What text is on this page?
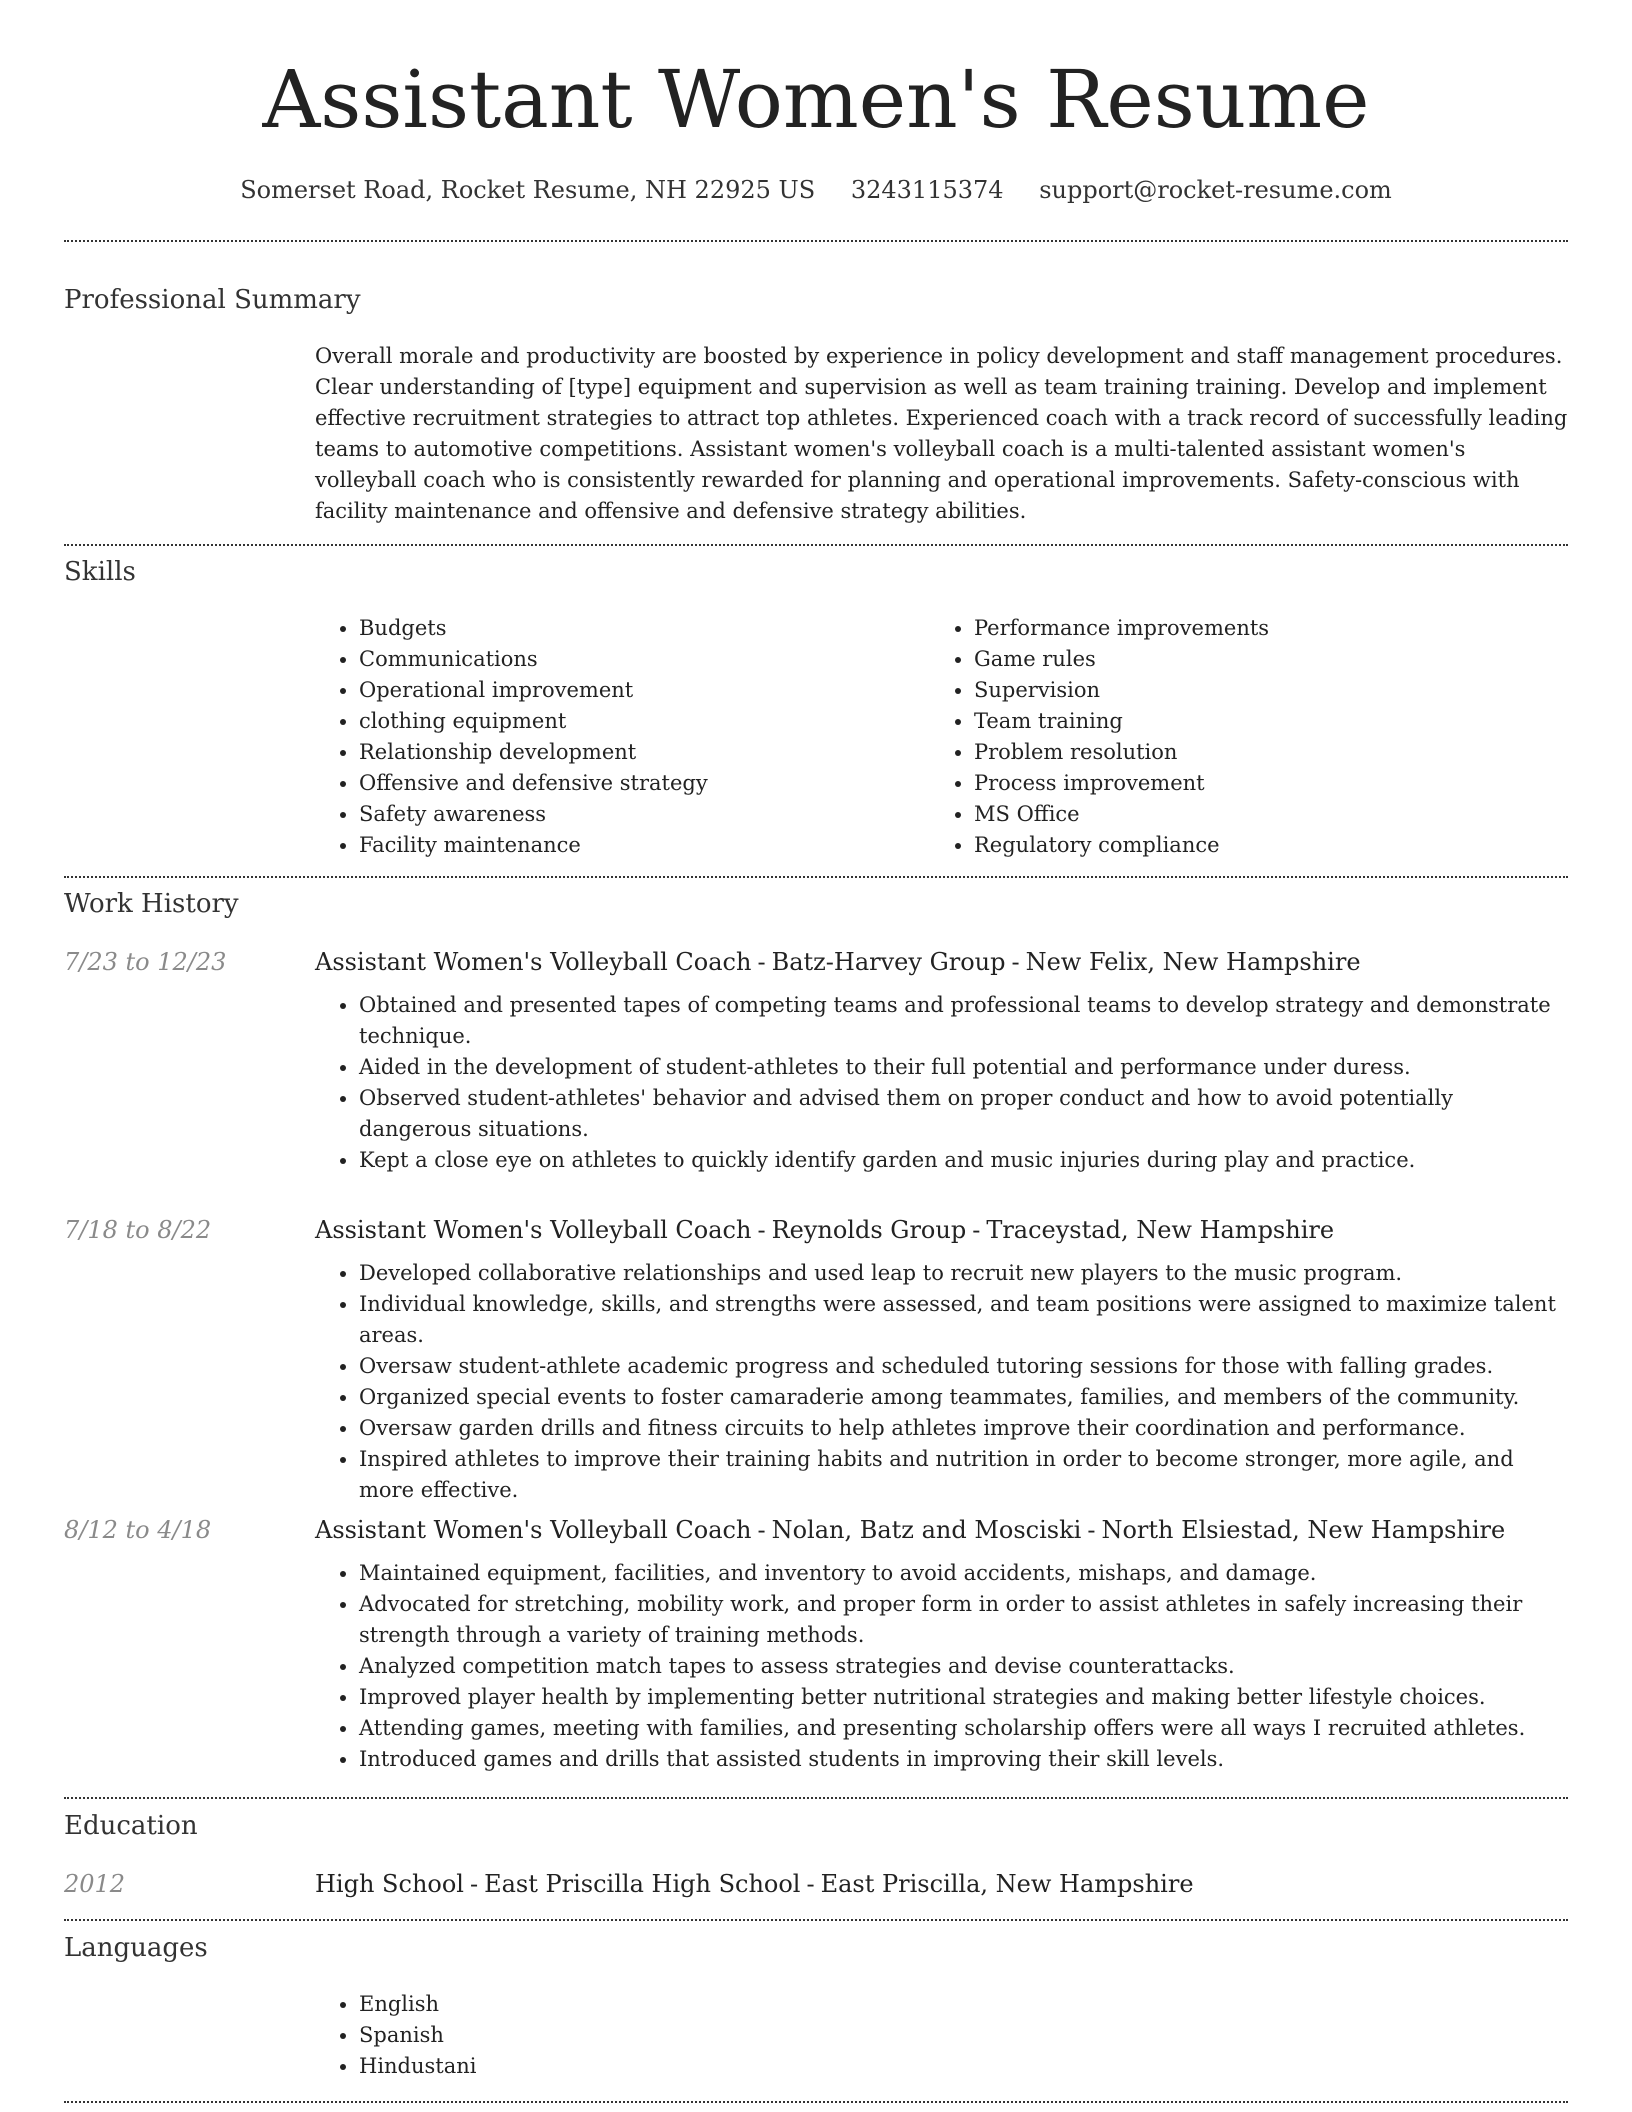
Assistant Women's Resume
Somerset Road, Rocket Resume, NH 22925 US 3243115374 support@rocket-resume.com
Professional Summary

Overall morale and productivity are boosted by experience in policy development and staff management procedures. Clear understanding of [type] equipment and supervision as well as team training training. Develop and implement effective recruitment strategies to attract top athletes. Experienced coach with a track record of successfully leading teams to automotive competitions. Assistant women's volleyball coach is a multi-talented assistant women's volleyball coach who is consistently rewarded for planning and operational improvements. Safety-conscious with facility maintenance and offensive and defensive strategy abilities.

Skills
• Budgets
• Communications
• Operational improvement
• clothing equipment
• Relationship development
• Offensive and defensive strategy
• Safety awareness
• Facility maintenance
• Performance improvements
• Game rules
• Supervision
• Team training
• Problem resolution
• Process improvement
• MS Office
• Regulatory compliance
Work History
7/23 to 12/23	Assistant Women's Volleyball Coach - Batz-Harvey Group - New Felix, New Hampshire
• Obtained and presented tapes of competing teams and professional teams to develop strategy and demonstrate technique.
• Aided in the development of student-athletes to their full potential and performance under duress.
• Observed student-athletes' behavior and advised them on proper conduct and how to avoid potentially dangerous situations.
• Kept a close eye on athletes to quickly identify garden and music injuries during play and practice.
7/18 to 8/22	Assistant Women's Volleyball Coach - Reynolds Group - Traceystad, New Hampshire
• Developed collaborative relationships and used leap to recruit new players to the music program.
• Individual knowledge, skills, and strengths were assessed, and team positions were assigned to maximize talent areas.
• Oversaw student-athlete academic progress and scheduled tutoring sessions for those with falling grades.
• Organized special events to foster camaraderie among teammates, families, and members of the community.
• Oversaw garden drills and fitness circuits to help athletes improve their coordination and performance.
• Inspired athletes to improve their training habits and nutrition in order to become stronger, more agile, and more effective.
8/12 to 4/18	Assistant Women's Volleyball Coach - Nolan, Batz and Mosciski - North Elsiestad, New Hampshire
• Maintained equipment, facilities, and inventory to avoid accidents, mishaps, and damage.
• Advocated for stretching, mobility work, and proper form in order to assist athletes in safely increasing their strength through a variety of training methods.
• Analyzed competition match tapes to assess strategies and devise counterattacks.
• Improved player health by implementing better nutritional strategies and making better lifestyle choices.
• Attending games, meeting with families, and presenting scholarship offers were all ways I recruited athletes.
• Introduced games and drills that assisted students in improving their skill levels.
Education
2012	High School - East Priscilla High School - East Priscilla, New Hampshire
Languages
• English
• Spanish
• Hindustani
